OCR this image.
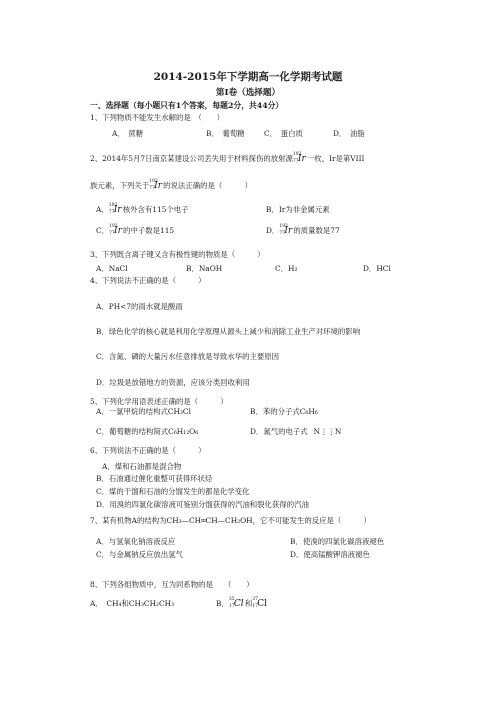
2014-2015年下学期高一化学期考试题
第I卷（选择题）
一、选择题（每小题只有1个答案，每题2分，共44分）
1、下列物质不能发生水解的是　（　　）
A．　蔗糖	B．　葡萄糖	C．　蛋白质	D．　油脂
2、2014年5月7日南京某建设公司丢失用于材料探伤的放射源 192
77 Ir 一枚，Ir是第VIII
族元素，下列关于 192
77 Ir 的说法正确的是（　　　）
A． 192
77 Ir 核外含有115个电子	B．Ir为非金属元素
C． 192
77 Ir 的中子数是115	D． 192
77 Ir 的质量数是77
3、下列既含离子键又含有极性键的物质是（　　　）
A．NaCl	B．NaOH	C．H₂	D．HCl
4、下列说法不正确的是（　　　）
A．PH<7的雨水就是酸雨
B．绿色化学的核心就是利用化学原理从源头上减少和消除工业生产对环境的影响
C．含氮、磷的大量污水任意排放是导致水华的主要原因
D．垃圾是放错地方的资源，应该分类回收利用
5、下列化学用语表述正确的是（　　　）
A．一氯甲烷的结构式CH₃Cl	B．苯的分子式C₆H₆
C．葡萄糖的结构简式C₆H₁₂O₆	D．氮气的电子式 N⋮⋮N
6、下列说法不正确的是（　　　）
A．煤和石油都是混合物
B．石油通过催化重整可获得环状烃
C．煤的干馏和石油的分馏发生的都是化学变化
D．用溴的四氯化碳溶液可鉴别分馏获得的汽油和裂化获得的汽油
7、某有机物A的结构为CH₃—CH═CH—CH₂OH，它不可能发生的反应是（　　　）
A．与氢氧化钠溶液反应	B．使溴的四氯化碳溶液褪色
C．与金属钠反应放出氢气	D．使高锰酸钾溶液褪色
8、下列各组物质中，互为同系物的是　　（　　）
A．　CH₄和CH₃CH₂CH₃	B． 35
17 Cl 和 37
17 Cl
